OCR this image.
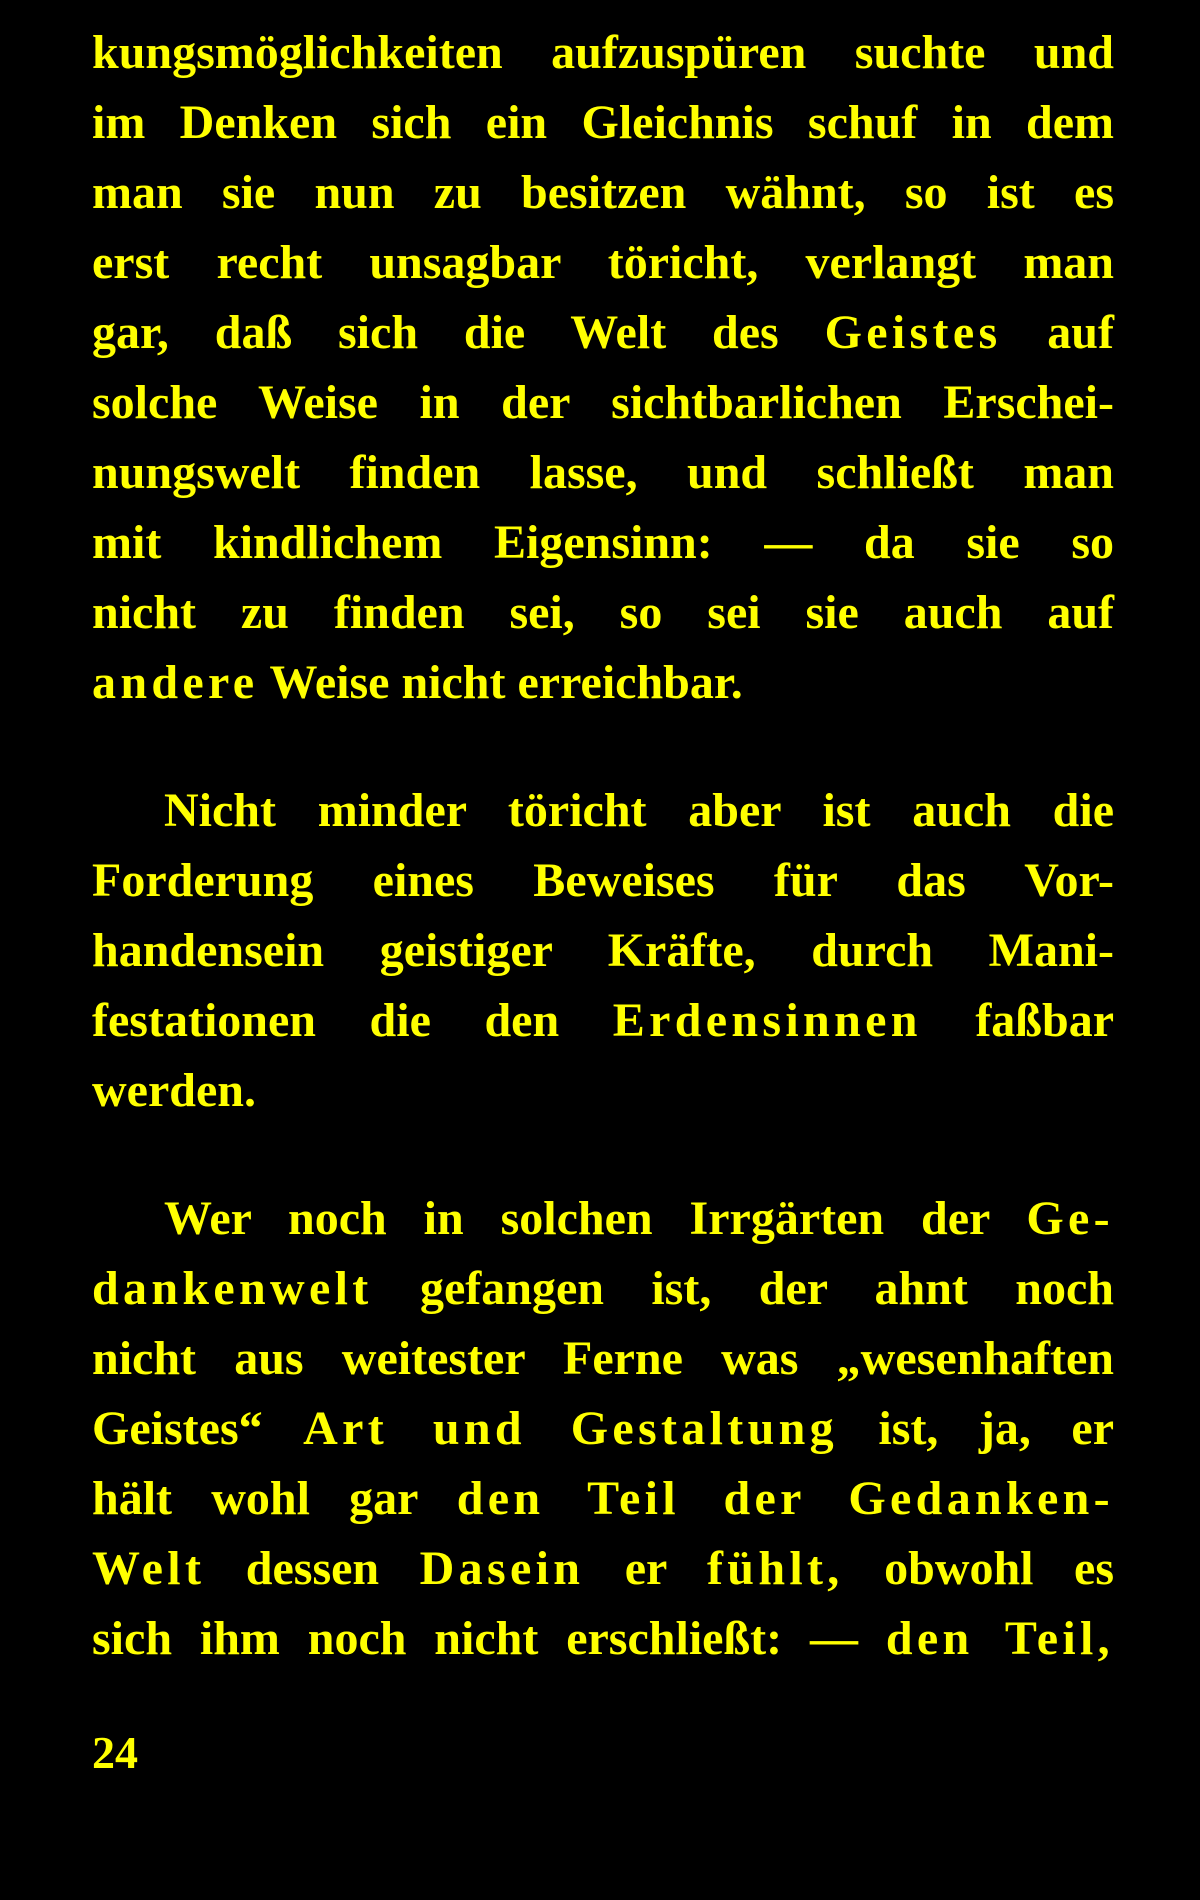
kungsmöglichkeiten aufzuspüren suchte und
im Denken sich ein Gleichnis schuf in dem
man sie nun zu besitzen wähnt, so ist es
erst recht unsagbar töricht, verlangt man
gar, daß sich die Welt des Geistes auf
solche Weise in der sichtbarlichen Erschei-
nungswelt finden lasse, und schließt man
mit kindlichem Eigensinn: — da sie so
nicht zu finden sei, so sei sie auch auf
andere Weise nicht erreichbar.
Nicht minder töricht aber ist auch die
Forderung eines Beweises für das Vor-
handensein geistiger Kräfte, durch Mani-
festationen die den Erdensinnen faßbar
werden.
Wer noch in solchen Irrgärten der Ge-
dankenwelt gefangen ist, der ahnt noch
nicht aus weitester Ferne was „wesenhaften
Geistes“ Art und Gestaltung ist, ja, er
hält wohl gar den Teil der Gedanken-
Welt dessen Dasein er fühlt, obwohl es
sich ihm noch nicht erschließt: — den Teil,
24
